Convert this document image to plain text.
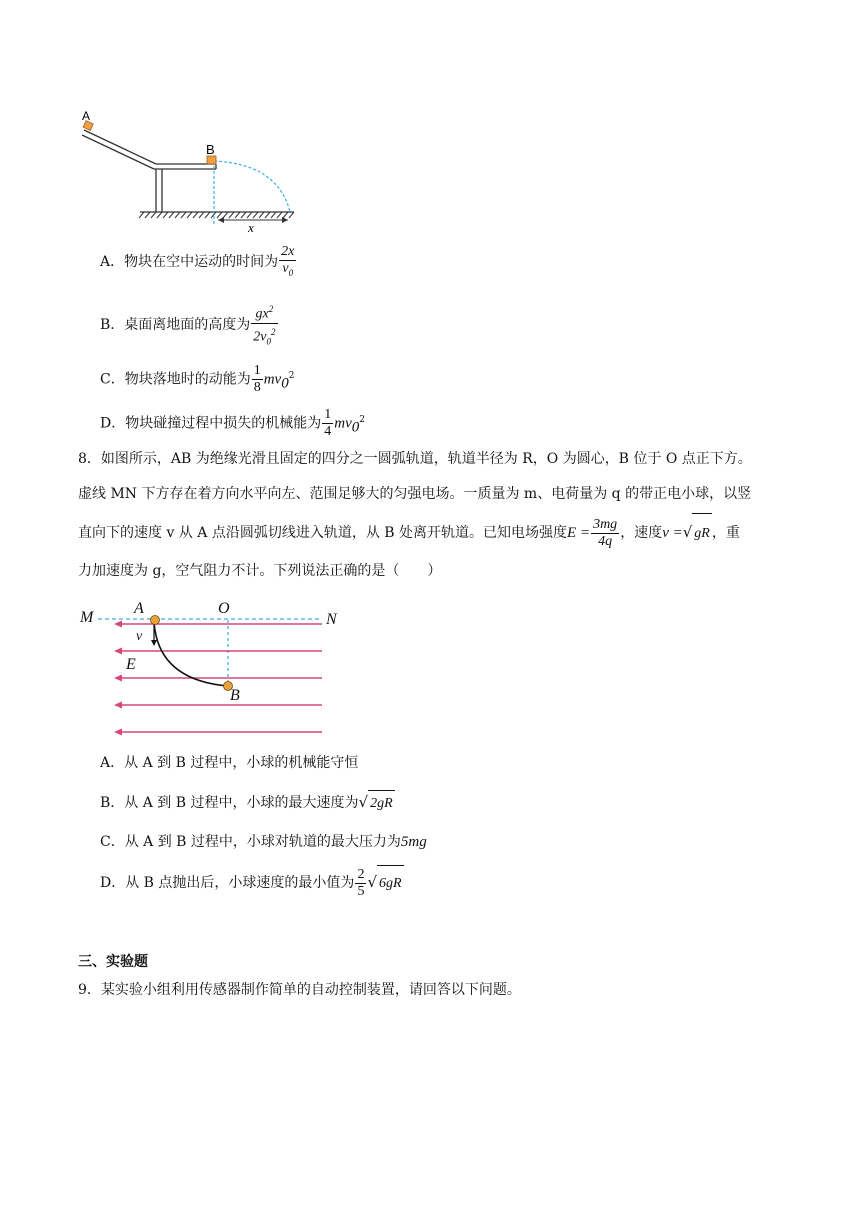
A
B
x
A．物块在空中运动的时间为 $\frac{2x}{v_0}$
B．桌面离地面的高度为 $\frac{gx^2}{2v_0^2}$
C．物块落地时的动能为 $\frac{1}{8} mv_0^2$
D．物块碰撞过程中损失的机械能为 $\frac{1}{4} mv_0^2$
8．如图所示，AB 为绝缘光滑且固定的四分之一圆弧轨道，轨道半径为 R，O 为圆心，B 位于 O 点正下方。
虚线 MN 下方存在着方向水平向左、范围足够大的匀强电场。一质量为 m、电荷量为 q 的带正电小球，以竖
直向下的速度 v 从 A 点沿圆弧切线进入轨道，从 B 处离开轨道。已知电场强度$E = \frac{3mg}{4q}$ ，速度v =√ gR ，重
力加速度为 g，空气阻力不计。下列说法正确的是（　　）
M
A	O
N
v
E
B
A．从 A 到 B 过程中，小球的机械能守恒
B．从 A 到 B 过程中，小球的最大速度为√ 2gR
C．从 A 到 B 过程中，小球对轨道的最大压力为5mg
D．从 B 点抛出后，小球速度的最小值为 $\frac{2}{5}$ √ 6gR
三、实验题
9．某实验小组利用传感器制作简单的自动控制装置，请回答以下问题。
